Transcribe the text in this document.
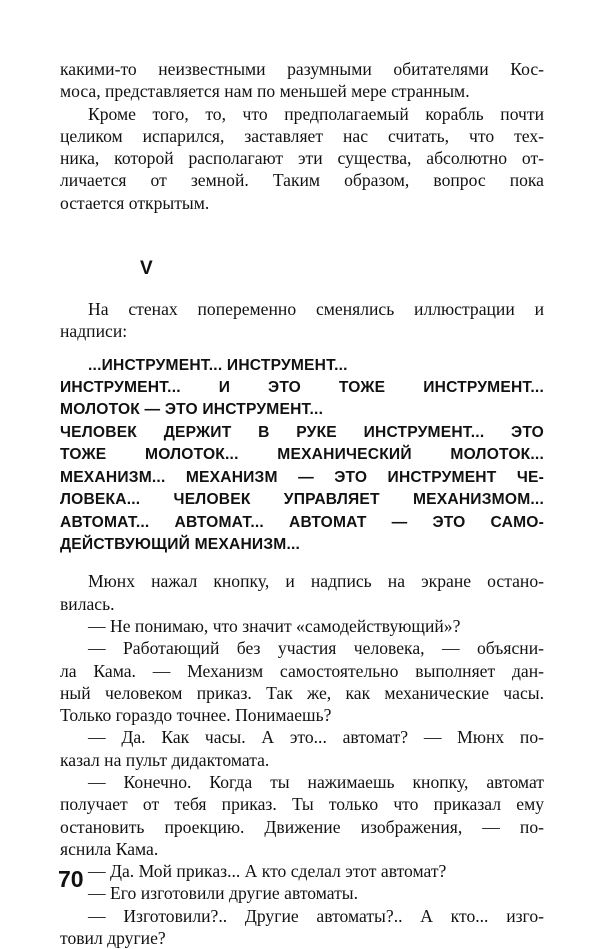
какими-то неизвестными разумными обитателями Кос-
моса, представляется нам по меньшей мере странным.
Кроме того, то, что предполагаемый корабль почти
целиком испарился, заставляет нас считать, что тех-
ника, которой располагают эти существа, абсолютно от-
личается от земной. Таким образом, вопрос пока
остается открытым.
V
На стенах попеременно сменялись иллюстрации и
надписи:
...ИНСТРУМЕНТ... ИНСТРУМЕНТ...
ИНСТРУМЕНТ... И ЭТО ТОЖЕ ИНСТРУМЕНТ...
МОЛОТОК — ЭТО ИНСТРУМЕНТ...
ЧЕЛОВЕК ДЕРЖИТ В РУКЕ ИНСТРУМЕНТ... ЭТО
ТОЖЕ МОЛОТОК... МЕХАНИЧЕСКИЙ МОЛОТОК...
МЕХАНИЗМ... МЕХАНИЗМ — ЭТО ИНСТРУМЕНТ ЧЕ-
ЛОВЕКА... ЧЕЛОВЕК УПРАВЛЯЕТ МЕХАНИЗМОМ...
АВТОМАТ... АВТОМАТ... АВТОМАТ — ЭТО САМО-
ДЕЙСТВУЮЩИЙ МЕХАНИЗМ...
Мюнх нажал кнопку, и надпись на экране остано-
вилась.
— Не понимаю, что значит «самодействующий»?
— Работающий без участия человека, — объясни-
ла Кама. — Механизм самостоятельно выполняет дан-
ный человеком приказ. Так же, как механические часы.
Только гораздо точнее. Понимаешь?
— Да. Как часы. А это... автомат? — Мюнх по-
казал на пульт дидактомата.
— Конечно. Когда ты нажимаешь кнопку, автомат
получает от тебя приказ. Ты только что приказал ему
остановить проекцию. Движение изображения, — по-
яснила Кама.
— Да. Мой приказ... А кто сделал этот автомат?
— Его изготовили другие автоматы.
— Изготовили?.. Другие автоматы?.. А кто... изго-
товил другие?
70
